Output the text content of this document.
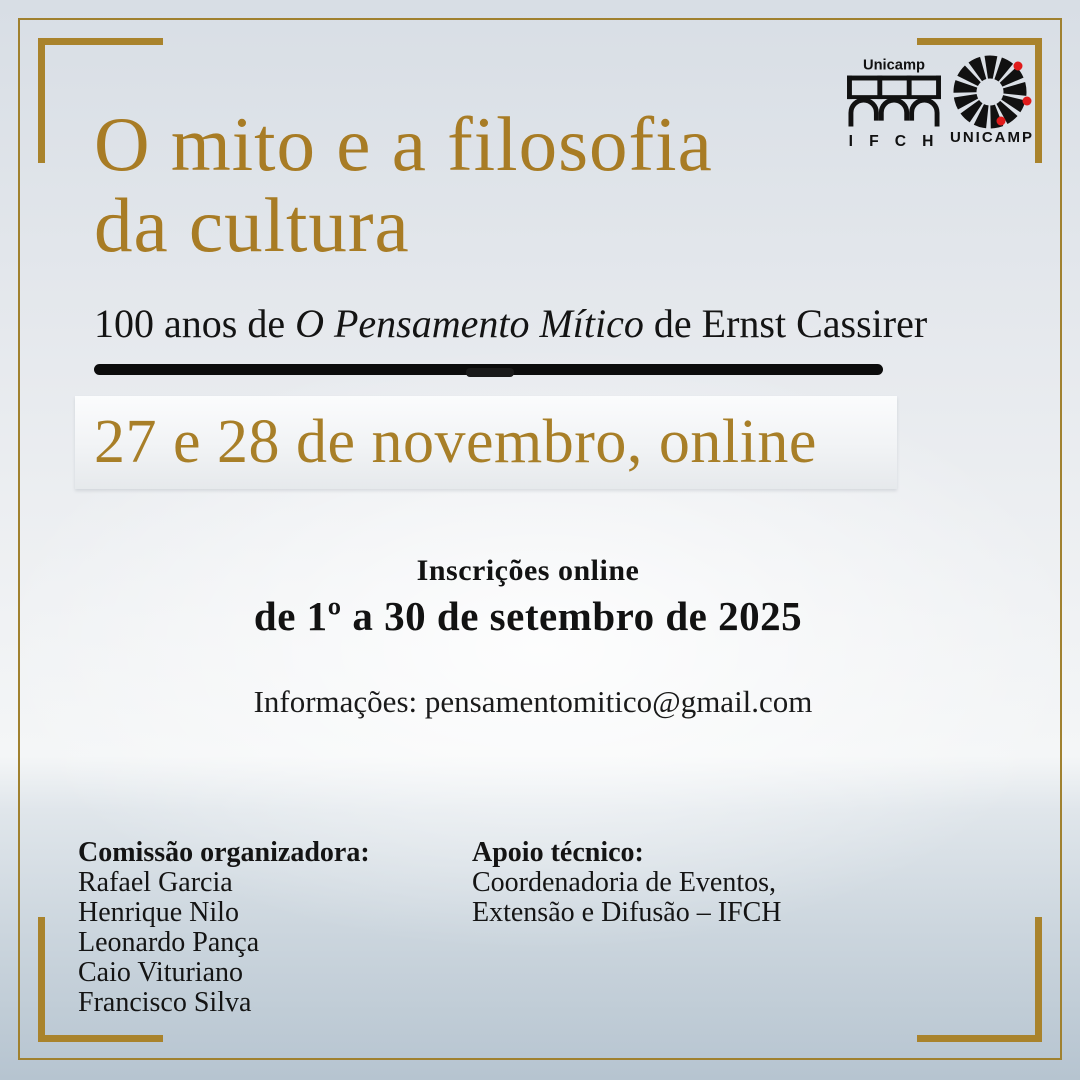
Unicamp
I F C H UNICAMP
O mito e a filosofia
da cultura
100 anos de O Pensamento Mítico de Ernst Cassirer
27 e 28 de novembro, online
Inscrições online
de 1º a 30 de setembro de 2025
Informações: pensamentomitico@gmail.com
Comissão organizadora:
Rafael Garcia
Henrique Nilo
Leonardo Pança
Caio Vituriano
Francisco Silva
Apoio técnico:
Coordenadoria de Eventos,
Extensão e Difusão – IFCH
